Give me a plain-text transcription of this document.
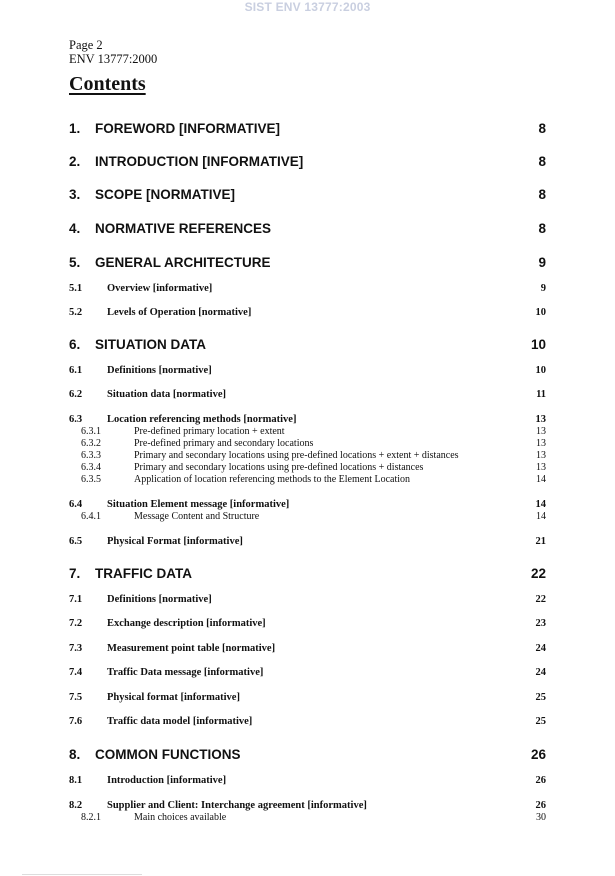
SIST ENV 13777:2003
Page 2
ENV 13777:2000
Contents
1. FOREWORD [INFORMATIVE]	8
2. INTRODUCTION [INFORMATIVE]	8
3. SCOPE [NORMATIVE]	8
4. NORMATIVE REFERENCES	8
5. GENERAL ARCHITECTURE	9
5.1 Overview [informative]	9
5.2 Levels of Operation [normative]	10
6. SITUATION DATA	10
6.1 Definitions [normative]	10
6.2 Situation data [normative]	11
6.3 Location referencing methods [normative]	13
6.3.1	Pre-defined primary location + extent	13
6.3.2	Pre-defined primary and secondary locations	13
6.3.3	Primary and secondary locations using pre-defined locations + extent + distances	13
6.3.4	Primary and secondary locations using pre-defined locations + distances	13
6.3.5	Application of location referencing methods to the Element Location	14
6.4 Situation Element message [informative]	14
6.4.1	Message Content and Structure	14
6.5 Physical Format [informative]	21
7. TRAFFIC DATA	22
7.1 Definitions [normative]	22
7.2 Exchange description [informative]	23
7.3 Measurement point table [normative]	24
7.4 Traffic Data message [informative]	24
7.5 Physical format [informative]	25
7.6 Traffic data model [informative]	25
8. COMMON FUNCTIONS	26
8.1 Introduction [informative]	26
8.2 Supplier and Client: Interchange agreement [informative]	26
8.2.1	Main choices available	30
